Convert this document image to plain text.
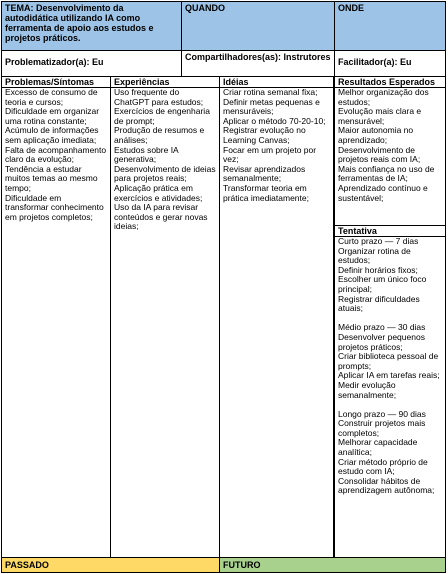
TEMA: Desenvolvimento da autodidática utilizando IA como ferramenta de apoio aos estudos e projetos práticos.
QUANDO	ONDE
Problematizador(a): Eu	Compartilhadores(as): Instrutores Facilitador(a): Eu
Problemas/Síntomas
Excesso de consumo de teoria e cursos;
Dificuldade em organizar uma rotina constante;
Acúmulo de informações sem aplicação imediata;
Falta de acompanhamento claro da evolução;
Tendência a estudar muitos temas ao mesmo tempo;
Dificuldade em transformar conhecimento em projetos completos;
Experiências
Uso frequente do ChatGPT para estudos;
Exercícios de engenharia de prompt;
Produção de resumos e análises;
Estudos sobre IA generativa;
Desenvolvimento de ideias para projetos reais;
Aplicação prática em exercícios e atividades;
Uso da IA para revisar conteúdos e gerar novas ideias;
Idéias
Criar rotina semanal fixa;
Definir metas pequenas e mensuráveis;
Aplicar o método 70-20-10;
Registrar evolução no Learning Canvas;
Focar em um projeto por vez;
Revisar aprendizados semanalmente;
Transformar teoria em prática imediatamente;
Resultados Esperados
Melhor organização dos estudos;
Evolução mais clara e mensurável;
Maior autonomia no aprendizado;
Desenvolvimento de projetos reais com IA;
Mais confiança no uso de ferramentas de IA;
Aprendizado contínuo e sustentável;
Tentativa
Curto prazo — 7 dias
Organizar rotina de estudos;
Definir horários fixos;
Escolher um único foco principal;
Registrar dificuldades atuais;

Médio prazo — 30 dias
Desenvolver pequenos projetos práticos;
Criar biblioteca pessoal de prompts;
Aplicar IA em tarefas reais;
Medir evolução semanalmente;

Longo prazo — 90 dias
Construir projetos mais completos;
Melhorar capacidade analítica;
Criar método próprio de estudo com IA;
Consolidar hábitos de aprendizagem autônoma;
PASSADO	FUTURO
